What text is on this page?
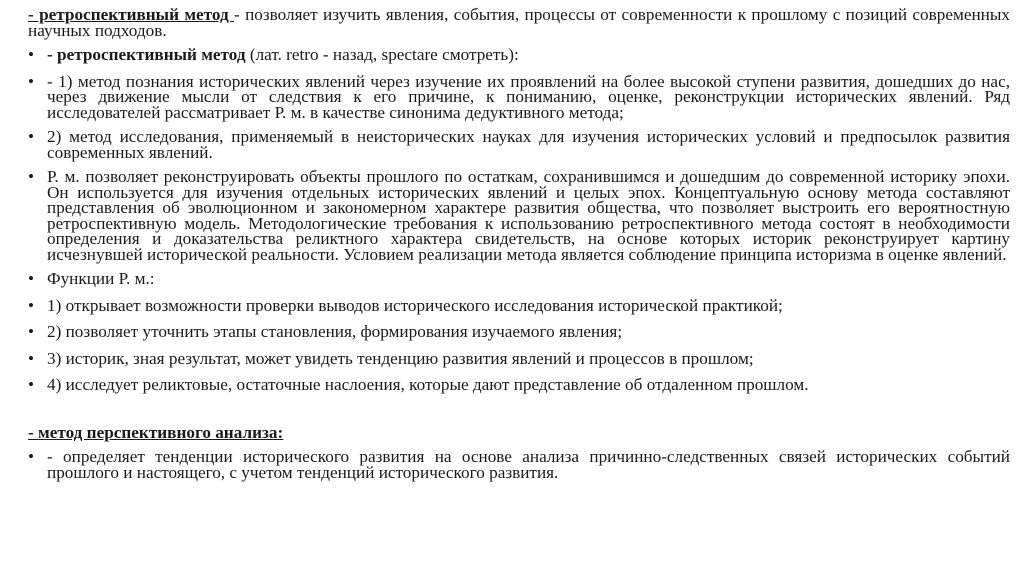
- ретроспективный метод - позволяет изучить явления, события, процессы от современности к прошлому с позиций современных научных подходов.

• - ретроспективный метод (лат. retro - назад, spectare смотреть):
• - 1) метод познания исторических явлений через изучение их проявлений на более высокой ступени развития, дошедших до нас, через движение мысли от следствия к его причине, к пониманию, оценке, реконструкции исторических явлений. Ряд исследователей рассматривает Р. м. в качестве синонима дедуктивного метода;
• 2) метод исследования, применяемый в неисторических науках для изучения исторических условий и предпосылок развития современных явлений.
• Р. м. позволяет реконструировать объекты прошлого по остаткам, сохранившимся и дошедшим до современной историку эпохи. Он используется для изучения отдельных исторических явлений и целых эпох. Концептуальную основу метода составляют представления об эволюционном и закономерном характере развития общества, что позволяет выстроить его вероятностную ретроспективную модель. Методологические требования к использованию ретроспективного метода состоят в необходимости определения и доказательства реликтного характера свидетельств, на основе которых историк реконструирует картину исчезнувшей исторической реальности. Условием реализации метода является соблюдение принципа историзма в оценке явлений.
• Функции Р. м.:
• 1) открывает возможности проверки выводов исторического исследования исторической практикой;
• 2) позволяет уточнить этапы становления, формирования изучаемого явления;
• 3) историк, зная результат, может увидеть тенденцию развития явлений и процессов в прошлом;
• 4) исследует реликтовые, остаточные наслоения, которые дают представление об отдаленном прошлом.

- метод перспективного анализа:

• - определяет тенденции исторического развития на основе анализа причинно-следственных связей исторических событий прошлого и настоящего, с учетом тенденций исторического развития.
